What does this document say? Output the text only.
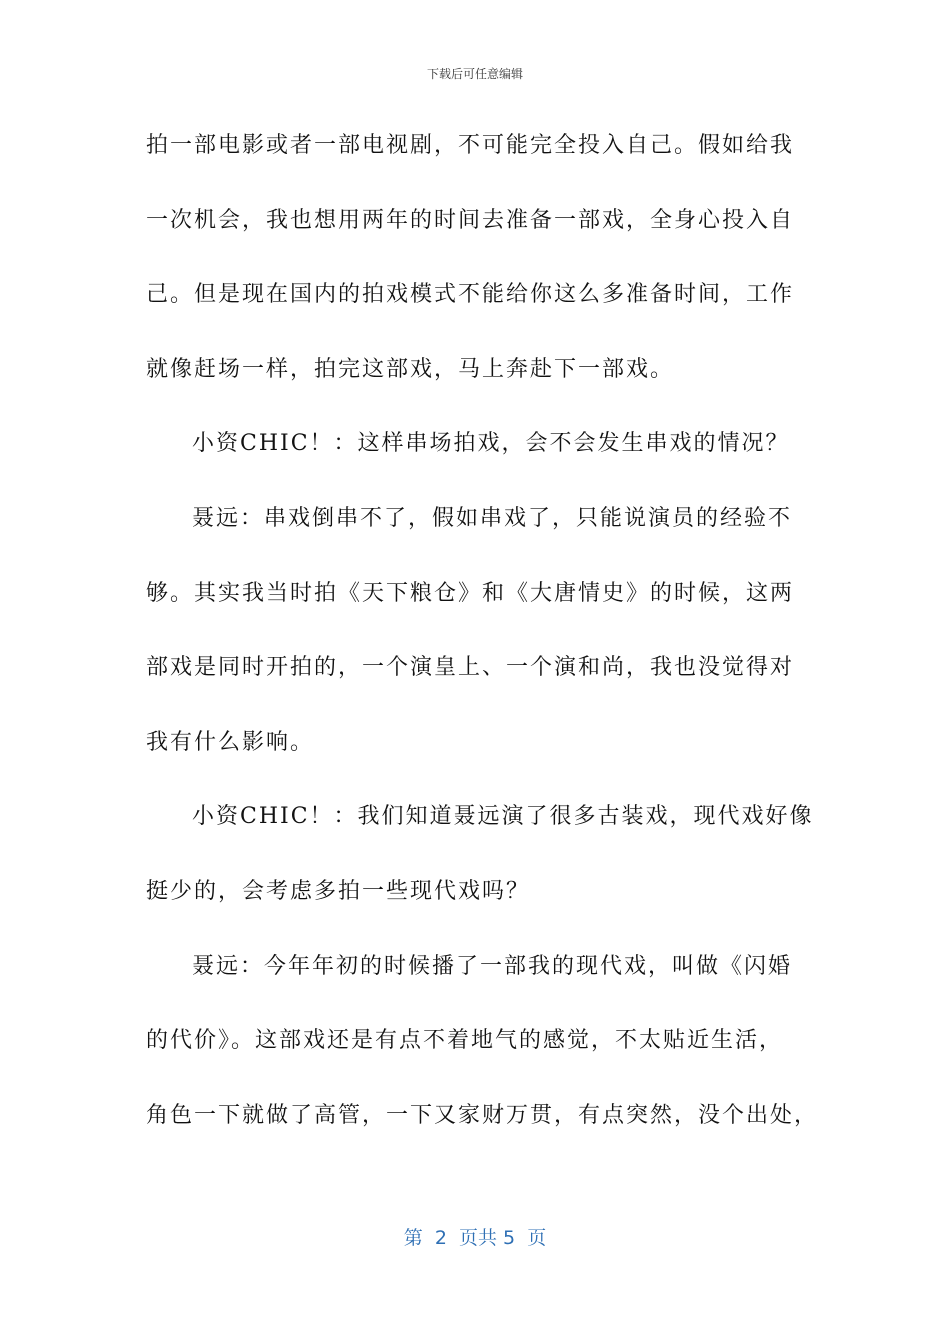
下载后可任意编辑
拍一部电影或者一部电视剧，不可能完全投入自己。假如给我
一次机会，我也想用两年的时间去准备一部戏，全身心投入自
己。但是现在国内的拍戏模式不能给你这么多准备时间，工作
就像赶场一样，拍完这部戏，马上奔赴下一部戏。
小资CHIC！：这样串场拍戏，会不会发生串戏的情况？
聂远：串戏倒串不了，假如串戏了，只能说演员的经验不
够。其实我当时拍《天下粮仓》和《大唐情史》的时候，这两
部戏是同时开拍的，一个演皇上、一个演和尚，我也没觉得对
我有什么影响。
小资CHIC！：我们知道聂远演了很多古装戏，现代戏好像
挺少的，会考虑多拍一些现代戏吗？
聂远：今年年初的时候播了一部我的现代戏，叫做《闪婚
的代价》。这部戏还是有点不着地气的感觉，不太贴近生活，
角色一下就做了高管，一下又家财万贯，有点突然，没个出处，
第  2  页共 5  页
